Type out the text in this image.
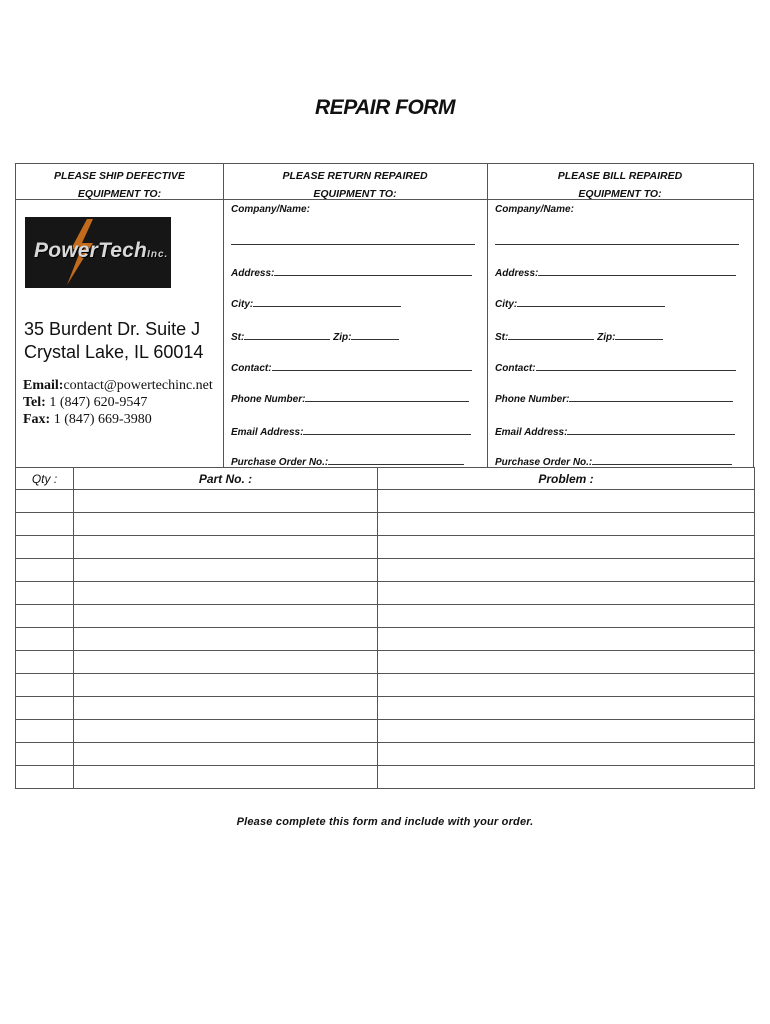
REPAIR FORM
PLEASE SHIP DEFECTIVE
EQUIPMENT TO:
PLEASE RETURN REPAIRED
EQUIPMENT TO:
PLEASE BILL REPAIRED
EQUIPMENT TO:
PowerTechInc.
35 Burdent Dr. Suite J
Crystal Lake, IL 60014
Email:contact@powertechinc.net
Tel: 1 (847) 620-9547
Fax: 1 (847) 669-3980
Company/Name:
Address:
City:
St:	Zip:
Contact:
Phone Number:
Email Address:
Purchase Order No.:
Company/Name:
Address:
City:
St:	Zip:
Contact:
Phone Number:
Email Address:
Purchase Order No.:
Qty :	Part No. :	Problem :

Please complete this form and include with your order.
